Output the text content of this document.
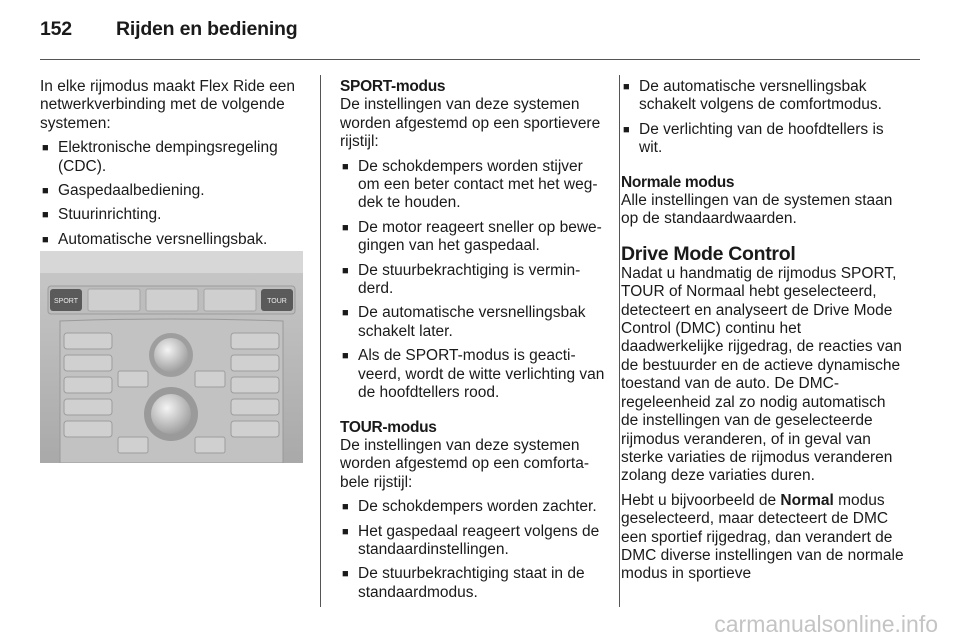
152 Rijden en bediening

In elke rijmodus maakt Flex Ride een netwerkverbinding met de volgende systemen:

■ Elektronische dempingsregeling (CDC).
■ Gaspedaalbediening.
■ Stuurinrichting.
■ Automatische versnellingsbak.
SPORT	TOUR
SPORT-modus

De instellingen van deze systemen worden afgestemd op een sportievere rijstijl:

■ De schokdempers worden stijver om een beter contact met het wegdek te houden.
■ De motor reageert sneller op bewegingen van het gaspedaal.
■ De stuurbekrachtiging is verminderd.
■ De automatische versnellingsbak schakelt later.
■ Als de SPORT-modus is geactiveerd, wordt de witte verlichting van de hoofdtellers rood.
TOUR-modus

De instellingen van deze systemen worden afgestemd op een comfortabele rijstijl:

■ De schokdempers worden zachter.
■ Het gaspedaal reageert volgens de standaardinstellingen.
■ De stuurbekrachtiging staat in de standaardmodus.
■ De automatische versnellingsbak schakelt volgens de comfortmodus.
■ De verlichting van de hoofdtellers is wit.
Normale modus

Alle instellingen van de systemen staan op de standaardwaarden.

Drive Mode Control

Nadat u handmatig de rijmodus SPORT, TOUR of Normaal hebt geselecteerd, detecteert en analyseert de Drive Mode Control (DMC) continu het daadwerkelijke rijgedrag, de reacties van de bestuurder en de actieve dynamische toestand van de auto. De DMC-regeleenheid zal zo nodig automatisch de instellingen van de geselecteerde rijmodus veranderen, of in geval van sterke variaties de rijmodus veranderen zolang deze variaties duren.

Hebt u bijvoorbeeld de Normal modus geselecteerd, maar detecteert de DMC een sportief rijgedrag, dan verandert de DMC diverse instellingen van de normale modus in sportieve

carmanualsonline.info
